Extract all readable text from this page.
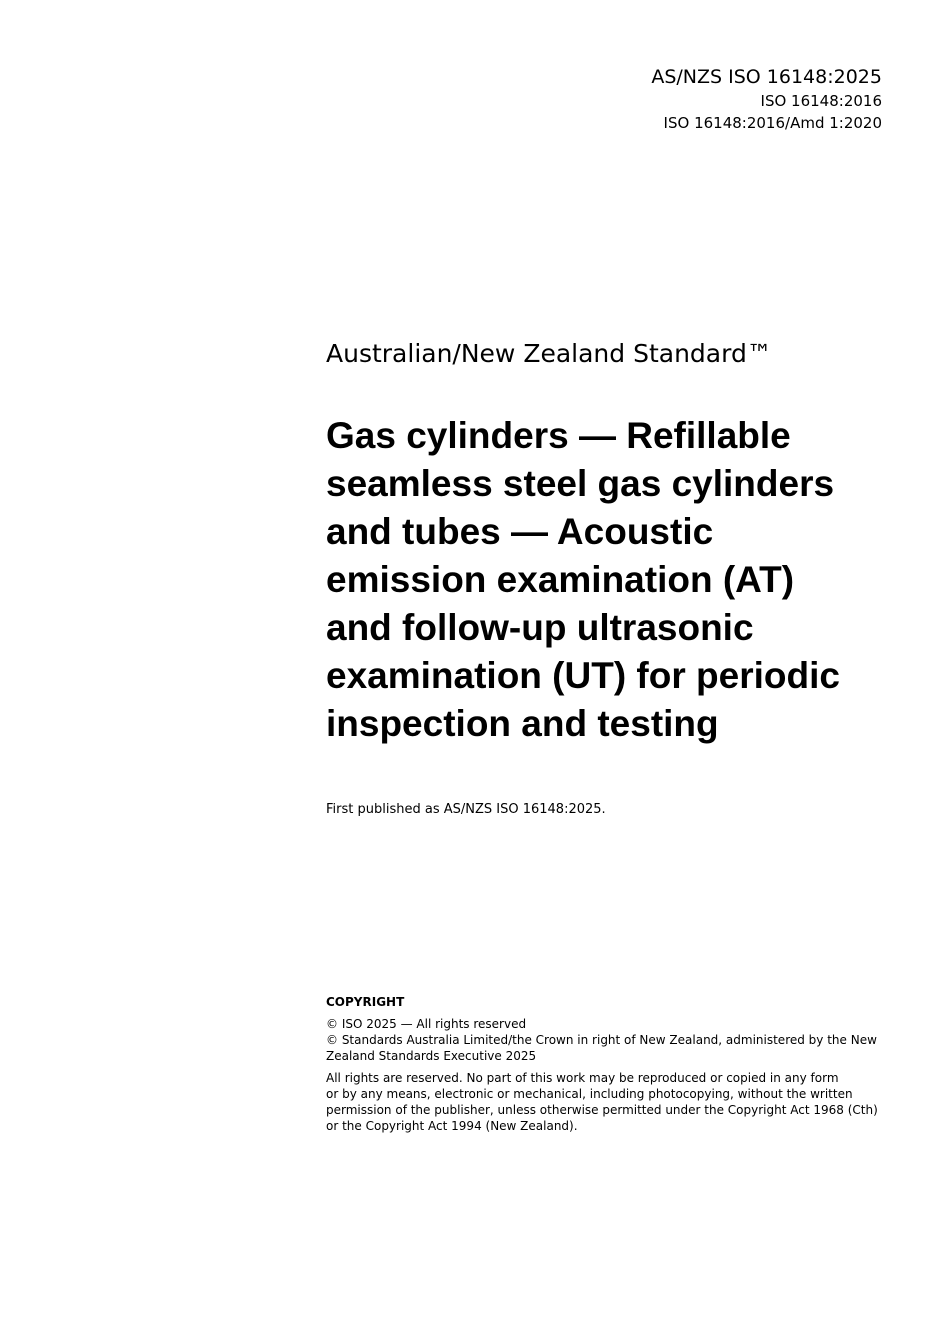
AS/NZS ISO 16148:2025
ISO 16148:2016
ISO 16148:2016/Amd 1:2020
Australian/New Zealand Standard™
Gas cylinders — Refillable
seamless steel gas cylinders
and tubes — Acoustic
emission examination (AT)
and follow-up ultrasonic
examination (UT) for periodic
inspection and testing
First published as AS/NZS ISO 16148:2025.
COPYRIGHT

© ISO 2025 — All rights reserved
© Standards Australia Limited/the Crown in right of New Zealand, administered by the New
Zealand Standards Executive 2025

All rights are reserved. No part of this work may be reproduced or copied in any form
or by any means, electronic or mechanical, including photocopying, without the written
permission of the publisher, unless otherwise permitted under the Copyright Act 1968 (Cth)
or the Copyright Act 1994 (New Zealand).
